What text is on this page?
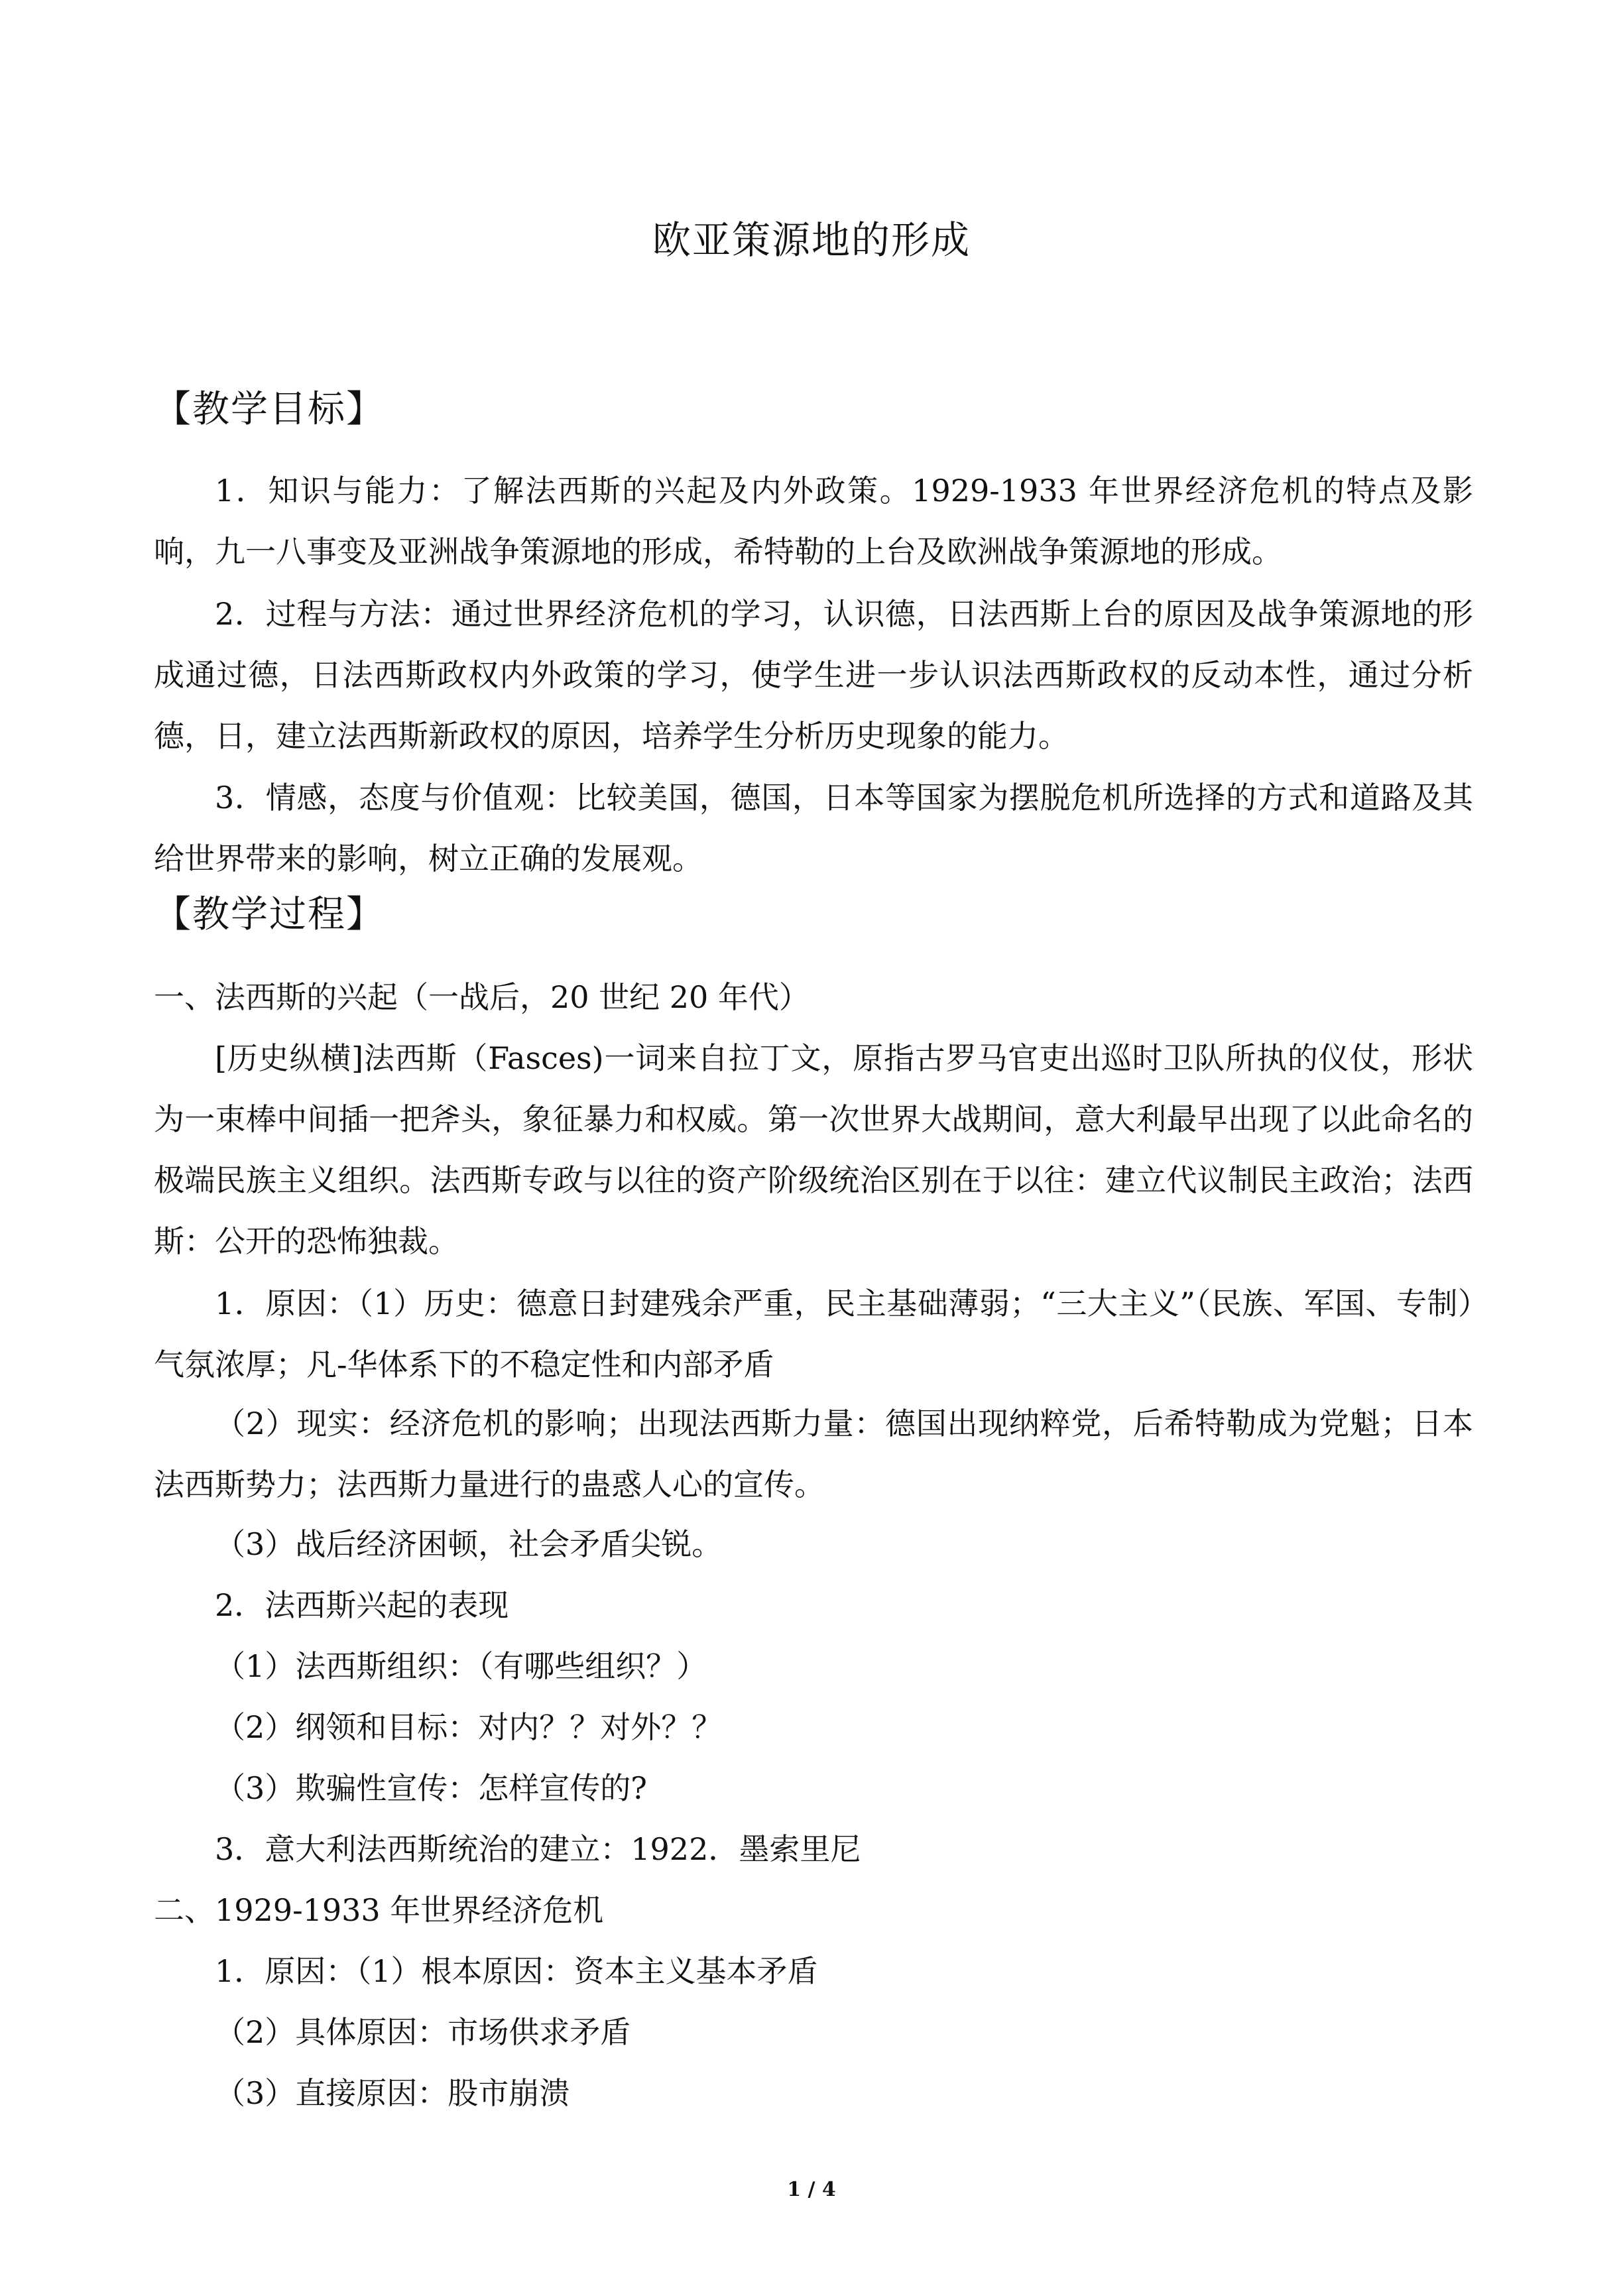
欧亚策源地的形成
【教学目标】
1．知识与能力：了解法西斯的兴起及内外政策。1929-1933 年世界经济危机的特点及影响，九一八事变及亚洲战争策源地的形成，希特勒的上台及欧洲战争策源地的形成。
2．过程与方法：通过世界经济危机的学习，认识德，日法西斯上台的原因及战争策源地的形成通过德，日法西斯政权内外政策的学习，使学生进一步认识法西斯政权的反动本性，通过分析德，日，建立法西斯新政权的原因，培养学生分析历史现象的能力。
3．情感，态度与价值观：比较美国，德国，日本等国家为摆脱危机所选择的方式和道路及其给世界带来的影响，树立正确的发展观。
【教学过程】
一、法西斯的兴起（一战后，20 世纪 20 年代）
[历史纵横]法西斯（Fasces)一词来自拉丁文，原指古罗马官吏出巡时卫队所执的仪仗，形状为一束棒中间插一把斧头，象征暴力和权威。第一次世界大战期间，意大利最早出现了以此命名的极端民族主义组织。法西斯专政与以往的资产阶级统治区别在于以往：建立代议制民主政治；法西斯：公开的恐怖独裁。
1．原因：（1）历史：德意日封建残余严重，民主基础薄弱；“三大主义”（民族、军国、专制）气氛浓厚；凡-华体系下的不稳定性和内部矛盾
（2）现实：经济危机的影响；出现法西斯力量：德国出现纳粹党，后希特勒成为党魁；日本法西斯势力；法西斯力量进行的蛊惑人心的宣传。
（3）战后经济困顿，社会矛盾尖锐。
2．法西斯兴起的表现
（1）法西斯组织：（有哪些组织？）
（2）纲领和目标：对内？？对外？？
（3）欺骗性宣传：怎样宣传的?
3．意大利法西斯统治的建立：1922．墨索里尼
二、1929-1933 年世界经济危机
1．原因：（1）根本原因：资本主义基本矛盾
（2）具体原因：市场供求矛盾
（3）直接原因：股市崩溃
1 / 4
